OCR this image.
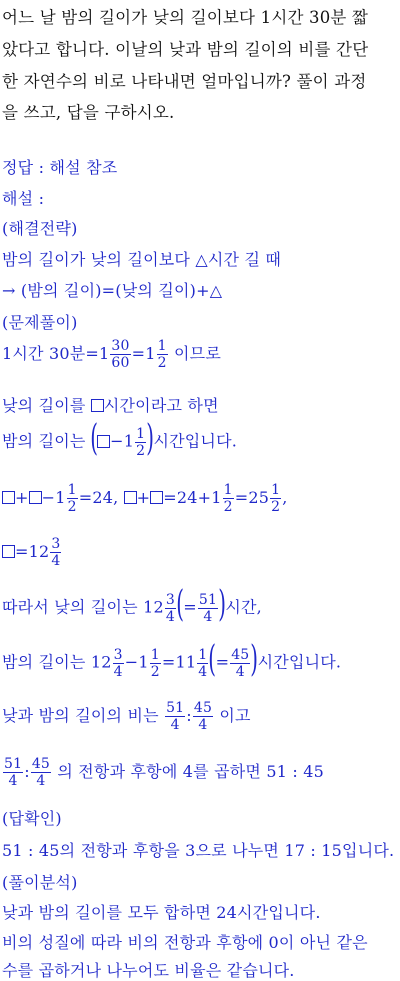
어느 날 밤의 길이가 낮의 길이보다 1시간 30분 짧
았다고 합니다. 이날의 낮과 밤의 길이의 비를 간단
한 자연수의 비로 나타내면 얼마입니까? 풀이 과정
을 쓰고, 답을 구하시오.
정답 : 해설 참조
해설 :
(해결전략)
밤의 길이가 낮의 길이보다 △시간 길 때
→ (밤의 길이)=(낮의 길이)+△
(문제풀이)
1시간 30분$=1 \frac{30}{60} =1 \frac{1}{2}$ 이므로
낮의 길이를 시간이라고 하면
밤의 길이는 ( $-1 \frac{1}{2}$ )시간입니다.
+ $-1 \frac{1}{2} =24$, + $=24+1 \frac{1}{2} =25 \frac{1}{2}$ ,
$=12 \frac{3}{4}$
따라서 낮의 길이는 $12 \frac{3}{4}$ (= $\frac{51}{4}$ )시간,
밤의 길이는 $12 \frac{3}{4} -1 \frac{1}{2} =11 \frac{1}{4}$ (= $\frac{45}{4}$ )시간입니다.
낮과 밤의 길이의 비는 $\frac{51}{4}$ : $\frac{45}{4}$ 이고
$\frac{51}{4}$ : $\frac{45}{4}$ 의 전항과 후항에 4를 곱하면 51 : 45
(답확인)
51 : 45의 전항과 후항을 3으로 나누면 17 : 15입니다.
(풀이분석)
낮과 밤의 길이를 모두 합하면 24시간입니다.
비의 성질에 따라 비의 전항과 후항에 0이 아닌 같은
수를 곱하거나 나누어도 비율은 같습니다.
